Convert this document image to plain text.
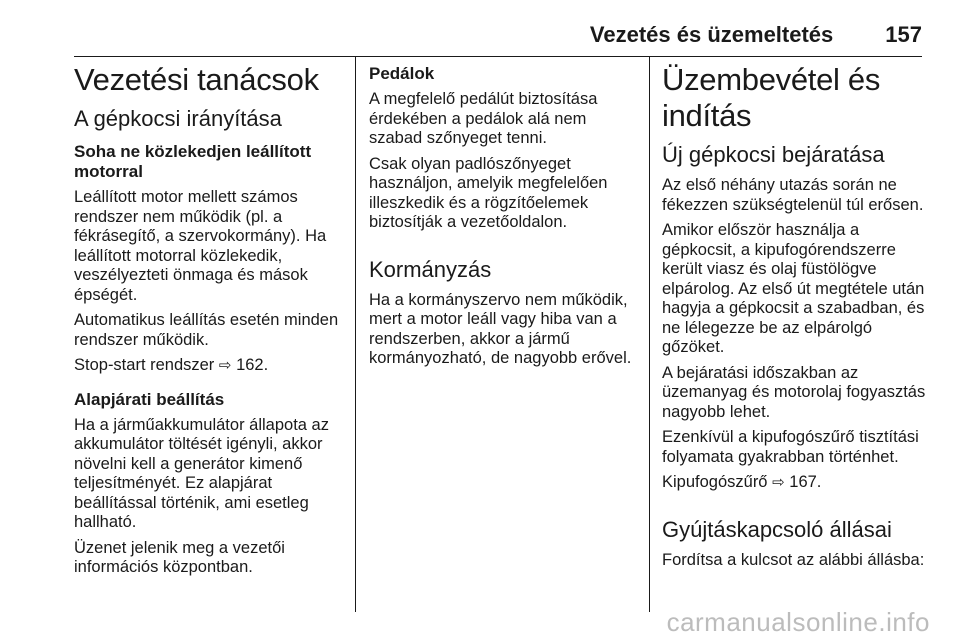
Vezetés és üzemeltetés 157
Vezetési tanácsok
A gépkocsi irányítása
Soha ne közlekedjen leállított motorral

Leállított motor mellett számos rendszer nem működik (pl. a fékrásegítő, a szervokormány). Ha leállított motorral közlekedik, veszélyezteti önmaga és mások épségét.

Automatikus leállítás esetén minden rendszer működik.

Stop-start rendszer ⇨ 162.

Alapjárati beállítás

Ha a járműakkumulátor állapota az akkumulátor töltését igényli, akkor növelni kell a generátor kimenő teljesítményét. Ez alapjárat beállítással történik, ami esetleg hallható.

Üzenet jelenik meg a vezetői információs központban.

Pedálok

A megfelelő pedálút biztosítása érdekében a pedálok alá nem szabad szőnyeget tenni.

Csak olyan padlószőnyeget használjon, amelyik megfelelően illeszkedik és a rögzítőelemek biztosítják a vezetőoldalon.

Kormányzás

Ha a kormányszervo nem működik, mert a motor leáll vagy hiba van a rendszerben, akkor a jármű kormányozható, de nagyobb erővel.

Üzembevétel és indítás
Új gépkocsi bejáratása

Az első néhány utazás során ne fékezzen szükségtelenül túl erősen.

Amikor először használja a gépkocsit, a kipufogórendszerre került viasz és olaj füstölögve elpárolog. Az első út megtétele után hagyja a gépkocsit a szabadban, és ne lélegezze be az elpárolgó gőzöket.

A bejáratási időszakban az üzemanyag és motorolaj fogyasztás nagyobb lehet.

Ezenkívül a kipufogószűrő tisztítási folyamata gyakrabban történhet.

Kipufogószűrő ⇨ 167.

Gyújtáskapcsoló állásai

Fordítsa a kulcsot az alábbi állásba:

carmanualsonline.info
